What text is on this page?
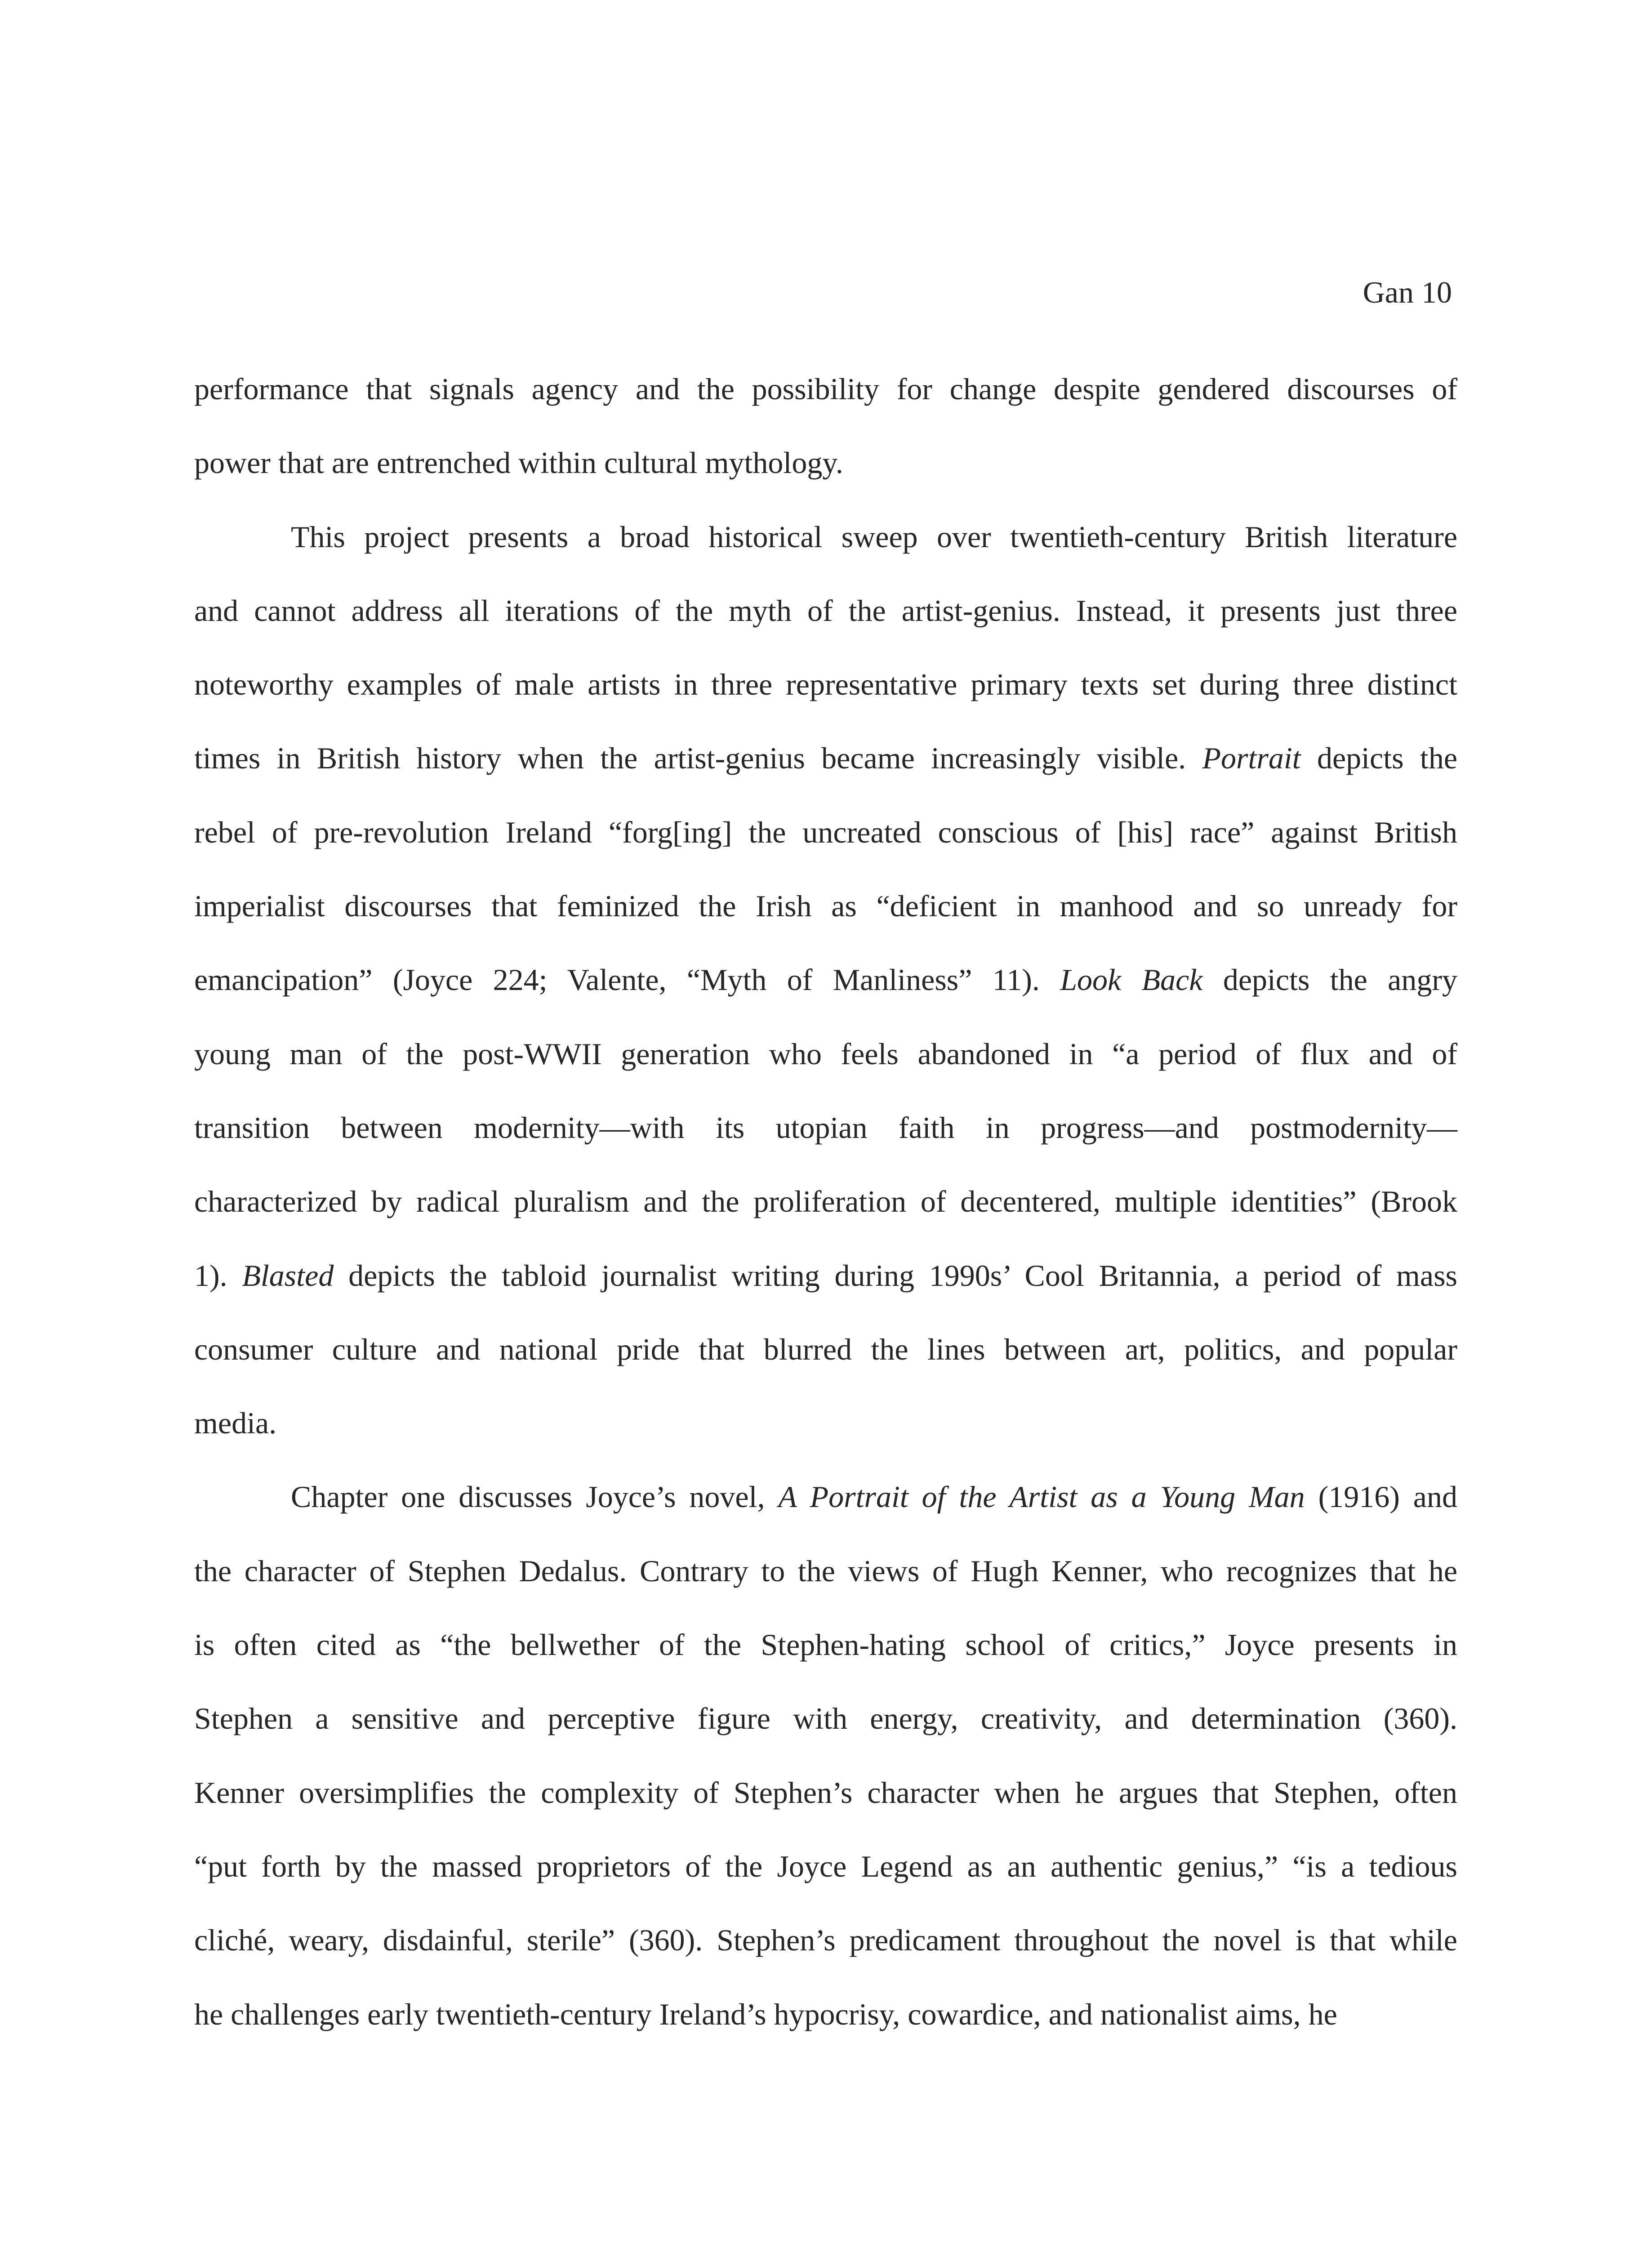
Gan 10
performance that signals agency and the possibility for change despite gendered discourses of
power that are entrenched within cultural mythology.
This project presents a broad historical sweep over twentieth-century British literature
and cannot address all iterations of the myth of the artist-genius. Instead, it presents just three
noteworthy examples of male artists in three representative primary texts set during three distinct
times in British history when the artist-genius became increasingly visible. Portrait depicts the
rebel of pre-revolution Ireland “forg[ing] the uncreated conscious of [his] race” against British
imperialist discourses that feminized the Irish as “deficient in manhood and so unready for
emancipation” (Joyce 224; Valente, “Myth of Manliness” 11). Look Back depicts the angry
young man of the post-WWII generation who feels abandoned in “a period of flux and of
transition between modernity—with its utopian faith in progress—and postmodernity—
characterized by radical pluralism and the proliferation of decentered, multiple identities” (Brook
1). Blasted depicts the tabloid journalist writing during 1990s’ Cool Britannia, a period of mass
consumer culture and national pride that blurred the lines between art, politics, and popular
media.
Chapter one discusses Joyce’s novel, A Portrait of the Artist as a Young Man (1916) and
the character of Stephen Dedalus. Contrary to the views of Hugh Kenner, who recognizes that he
is often cited as “the bellwether of the Stephen-hating school of critics,” Joyce presents in
Stephen a sensitive and perceptive figure with energy, creativity, and determination (360).
Kenner oversimplifies the complexity of Stephen’s character when he argues that Stephen, often
“put forth by the massed proprietors of the Joyce Legend as an authentic genius,” “is a tedious
cliché, weary, disdainful, sterile” (360). Stephen’s predicament throughout the novel is that while
he challenges early twentieth-century Ireland’s hypocrisy, cowardice, and nationalist aims, he
